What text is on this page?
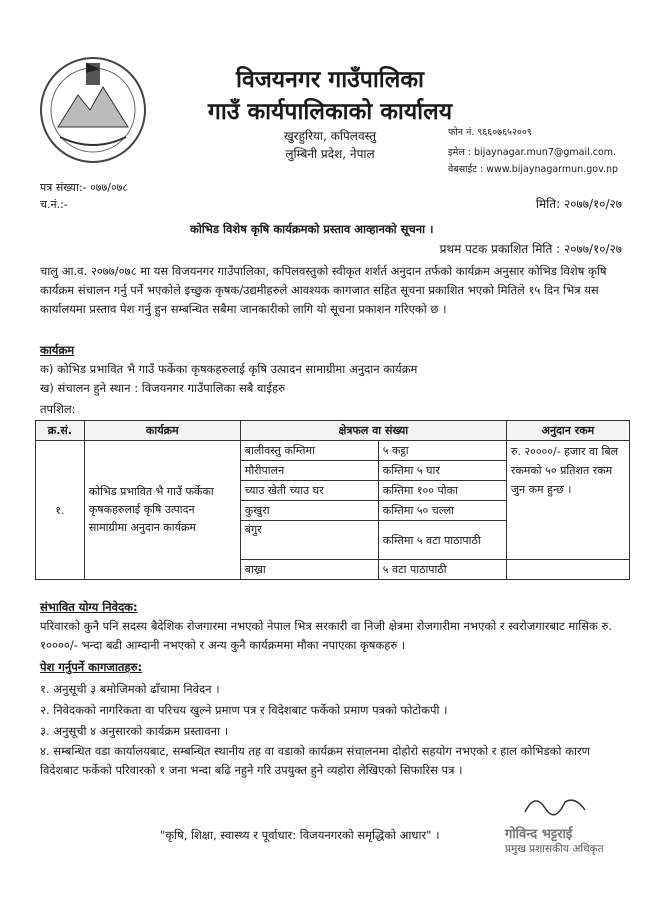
विजयनगर गाउँपालिका
गाउँ कार्यपालिकाको कार्यालय
खुरहुरिया, कपिलवस्तु
लुम्बिनी प्रदेश, नेपाल
फोन नं. ९६६०७६५२००९
इमेल : bijaynagar.mun7@gmail.com.
वेबसाईट : www.bijaynagarmun.gov.np
पत्र संख्या:- ०७७/०७८
च.नं.:-	मिति: २०७७/१०/२७
कोभिड विशेष कृषि कार्यक्रमको प्रस्ताव आव्हानको सूचना ।
प्रथम पटक प्रकाशित मिति : २०७७/१०/२७
चालु आ.व. २०७७/०७८ मा यस विजयनगर गाउँपालिका, कपिलवस्तुको स्वीकृत शर्शर्त अनुदान तर्फको कार्यक्रम अनुसार कोभिड विशेष कृषि कार्यक्रम संचालन गर्नु पर्ने भएकोले इच्छुक कृषक/उद्यमीहरुले आवश्यक कागजात सहित सूचना प्रकाशित भएको मितिले १५ दिन भित्र यस कार्यालयमा प्रस्ताव पेश गर्नु हुन सम्बन्धित सबैमा जानकारीको लागि यो सूचना प्रकाशन गरिएको छ ।
कार्यक्रम
क) कोभिड प्रभावित भै गाउँ फर्केका कृषकहरुलाई कृषि उत्पादन सामाग्रीमा अनुदान कार्यक्रम
ख) संचालन हुने स्थान : विजयनगर गाउँपालिका सबै वाईहरु
तपशिल:
क्र.सं.	कार्यक्रम	क्षेत्रफल वा संख्या		अनुदान रकम
१.	कोभिड प्रभावित भै गाउँ फर्केका कृषकहरुलाई कृषि उत्पादन सामाग्रीमा अनुदान कार्यक्रम	बालीवस्तु कम्तिमा	५ कट्ठा	रु. २००००/- हजार वा बिल रकमको ५० प्रतिशत रकम जुन कम हुन्छ ।
		मौरीपालन	कम्तिमा ५ घार	
		च्याउ खेती च्याउ घर	कम्तिमा १०० पोका	
		कुखुरा	कम्तिमा ५० चल्ला	
		बंगुर	कम्तिमा ५ वटा पाठापाठी	
		बाख्रा	५ वटा पाठापाठी	
संभावित योग्य निवेदक:
परिवारको कुनै पनि सदस्य बैदेशिक रोजगारमा नभएको नेपाल भित्र सरकारी वा निजी क्षेत्रमा रोजगारीमा नभएको र स्वरोजगारबाट मासिक रु. १००००/- भन्दा बढी आम्दानी नभएको र अन्य कुनै कार्यक्रममा मौका नपाएका कृषकहरु ।
पेश गर्नुपर्ने कागजातहरु:
१. अनुसूची ३ बमोजिमको ढाँचामा निवेदन ।
२. निवेदकको नागरिकता वा परिचय खुल्ने प्रमाण पत्र र विदेशबाट फर्केको प्रमाण पत्रको फोटोकपी ।
३. अनुसूची ४ अनुसारको कार्यक्रम प्रस्तावना ।
४. सम्बन्धित वडा कार्यालयबाट, सम्बन्धित स्थानीय तह वा वडाको कार्यक्रम संचालनमा दोहोरो सहयोग नभएको र हाल कोभिडको कारण विदेशबाट फर्केको परिवारको १ जना भन्दा बढि नहुने गरि उपयुक्त हुने व्यहोरा लेखिएको सिफारिस पत्र ।
गोविन्द भट्टराई
प्रमुख प्रशासकीय अधिकृत
"कृषि, शिक्षा, स्वास्थ्य र पूर्वाधार: विजयनगरको समृद्धिको आधार" ।
